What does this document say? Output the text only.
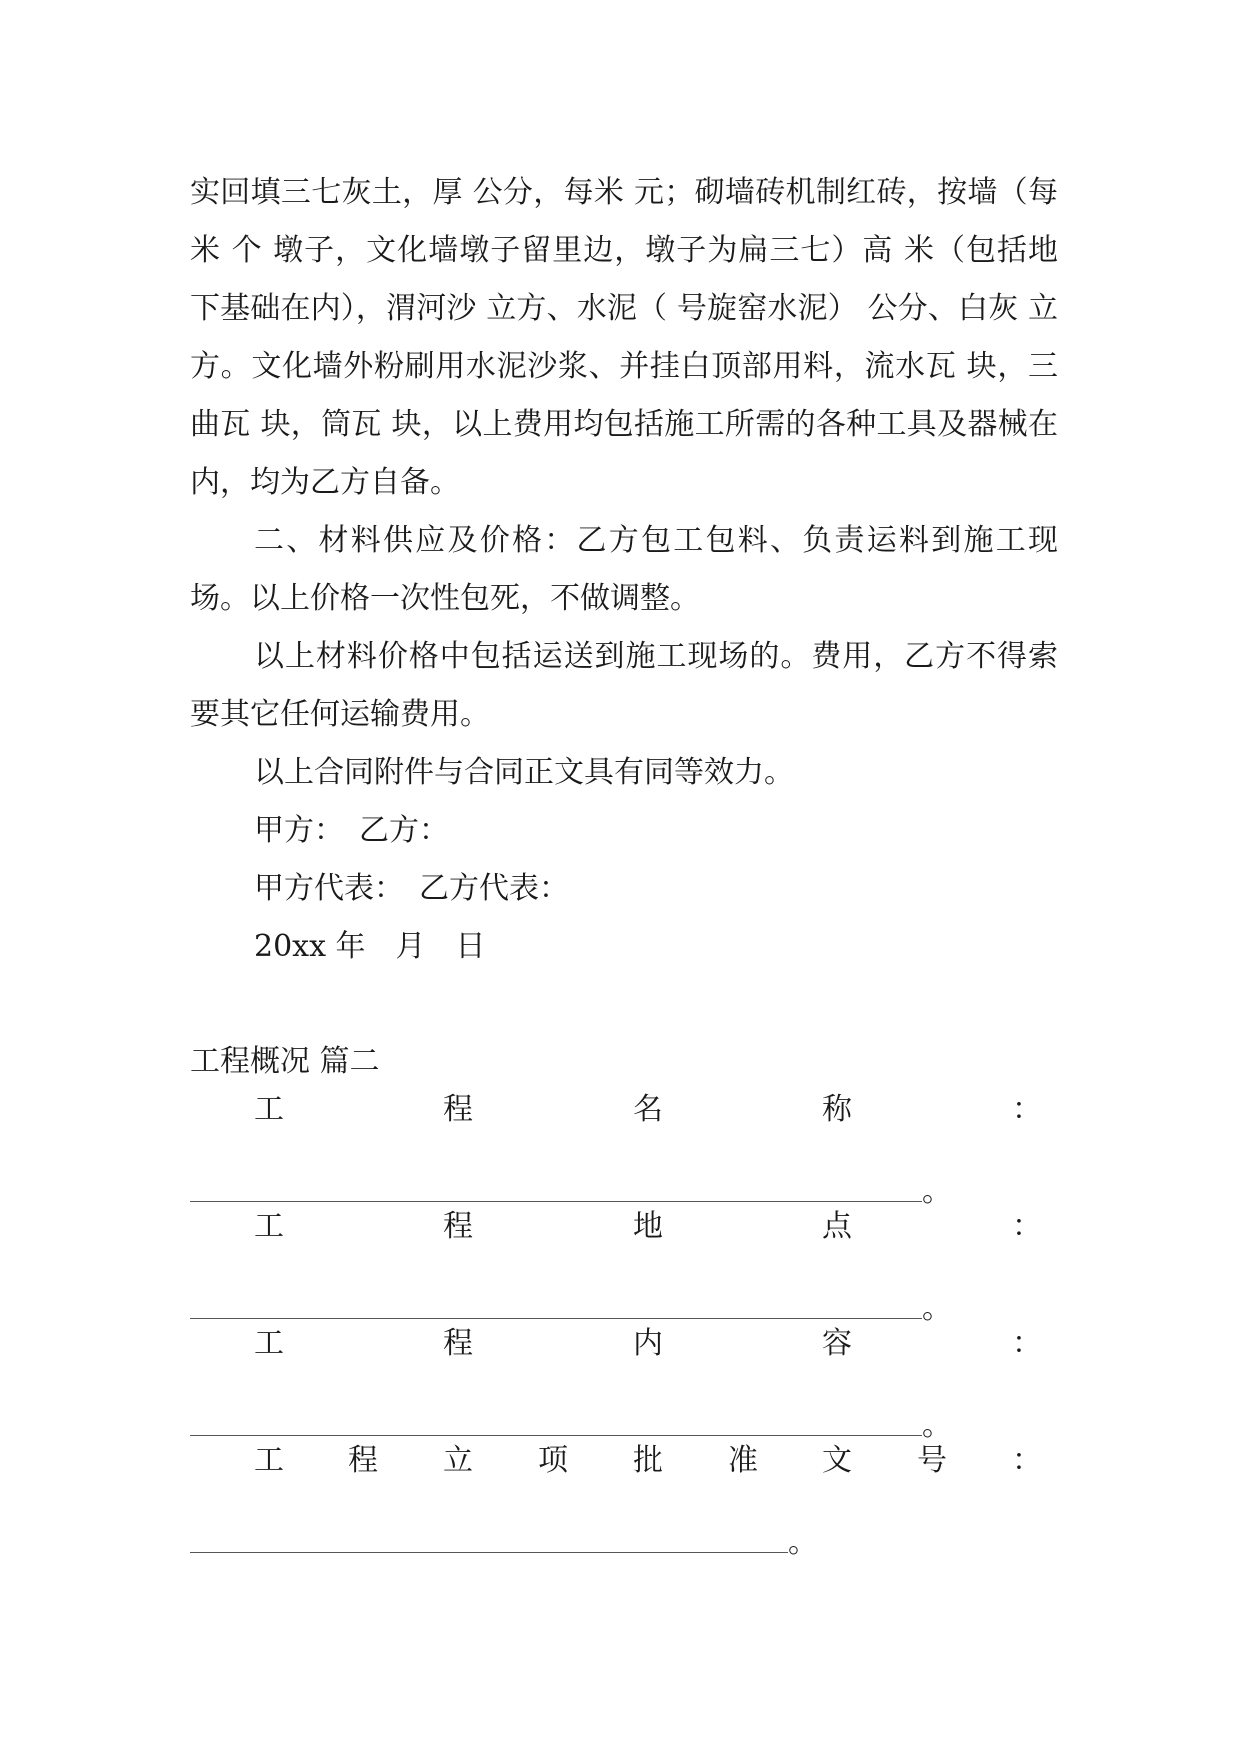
实回填三七灰土，厚 公分，每米 元；砌墙砖机制红砖，按墙（每 米 个 墩子，文化墙墩子留里边，墩子为扁三七）高 米（包括地下基础在内），渭河沙 立方、水泥（ 号旋窑水泥） 公分、白灰 立方。文化墙外粉刷用水泥沙浆、并挂白顶部用料，流水瓦 块，三曲瓦 块，筒瓦 块，以上费用均包括施工所需的各种工具及器械在内，均为乙方自备。

二、材料供应及价格：乙方包工包料、负责运料到施工现场。以上价格一次性包死，不做调整。

以上材料价格中包括运送到施工现场的。费用，乙方不得索要其它任何运输费用。

以上合同附件与合同正文具有同等效力。

甲方：　乙方：

甲方代表：　乙方代表：

20xx 年　月　日

工程概况 篇二

工	程	名	称	：
。
工	程	地	点	：
。
工	程	内	容	：
。
工 程 立 项 批 准 文 号 ：
。
